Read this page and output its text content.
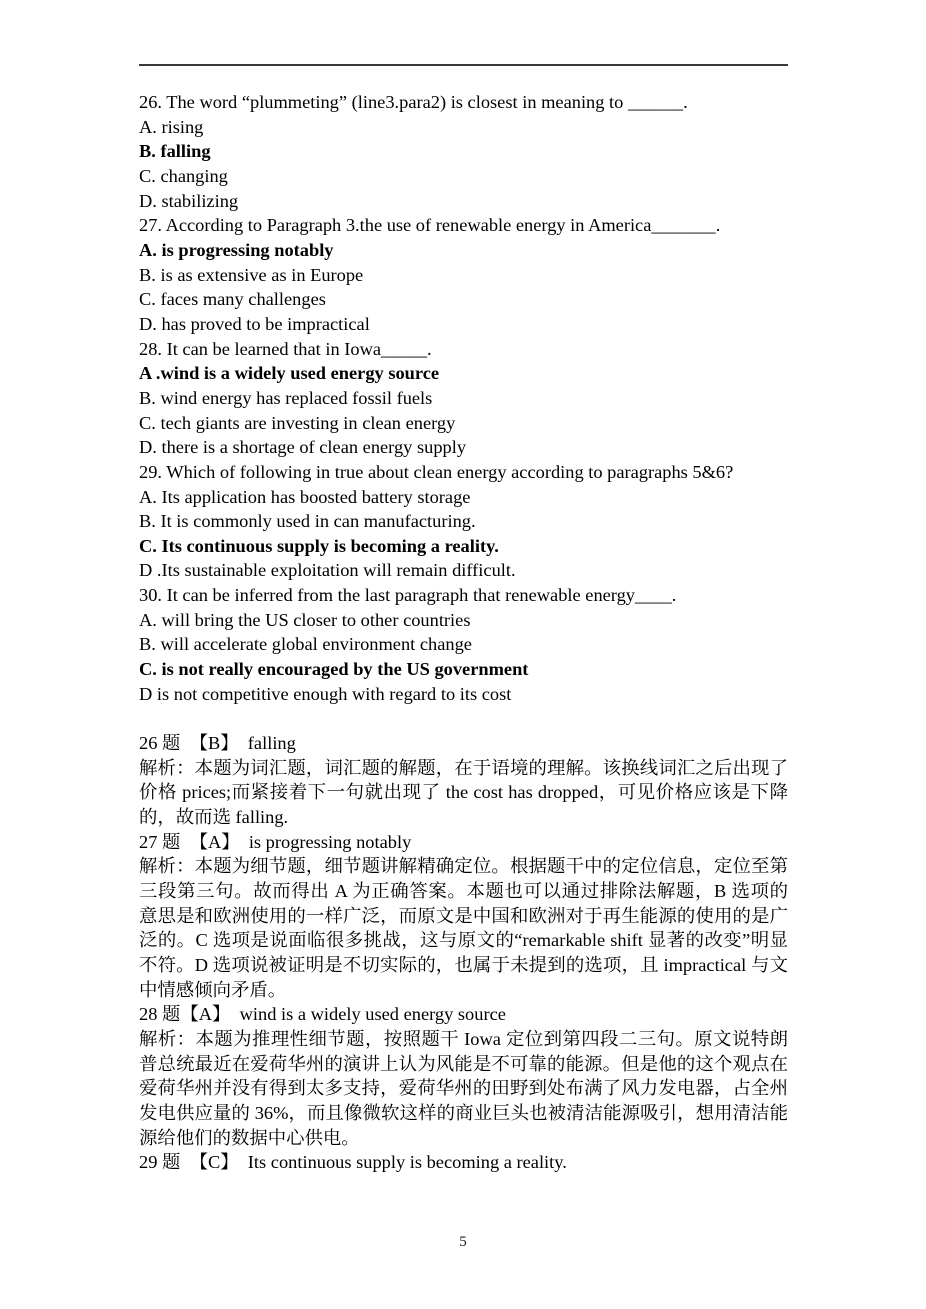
26. The word “plummeting” (line3.para2) is closest in meaning to ______.
A. rising
B. falling
C. changing
D. stabilizing
27. According to Paragraph 3.the use of renewable energy in America_______.
A. is progressing notably
B. is as extensive as in Europe
C. faces many challenges
D. has proved to be impractical
28. It can be learned that in Iowa_____.
A .wind is a widely used energy source
B. wind energy has replaced fossil fuels
C. tech giants are investing in clean energy
D. there is a shortage of clean energy supply
29. Which of following in true about clean energy according to paragraphs 5&6?
A. Its application has boosted battery storage
B. It is commonly used in can manufacturing.
C. Its continuous supply is becoming a reality.
D .Its sustainable exploitation will remain difficult.
30. It can be inferred from the last paragraph that renewable energy____.
A. will bring the US closer to other countries
B. will accelerate global environment change
C. is not really encouraged by the US government
D is not competitive enough with regard to its cost
26 题　【B】　falling
解析：本题为词汇题，词汇题的解题，在于语境的理解。该换线词汇之后出现了
价格 prices;而紧接着下一句就出现了 the cost has dropped，可见价格应该是下降
的，故而选 falling.
27 题　【A】　is progressing notably
解析：本题为细节题，细节题讲解精确定位。根据题干中的定位信息，定位至第
三段第三句。故而得出 A 为正确答案。本题也可以通过排除法解题，B 选项的
意思是和欧洲使用的一样广泛，而原文是中国和欧洲对于再生能源的使用的是广
泛的。C 选项是说面临很多挑战，这与原文的“remarkable shift 显著的改变”明显
不符。D 选项说被证明是不切实际的，也属于未提到的选项，且 impractical 与文
中情感倾向矛盾。
28 题【A】　wind is a widely used energy source
解析：本题为推理性细节题，按照题干 Iowa 定位到第四段二三句。原文说特朗
普总统最近在爱荷华州的演讲上认为风能是不可靠的能源。但是他的这个观点在
爱荷华州并没有得到太多支持，爱荷华州的田野到处布满了风力发电器，占全州
发电供应量的 36%，而且像微软这样的商业巨头也被清洁能源吸引，想用清洁能
源给他们的数据中心供电。
29 题　【C】　Its continuous supply is becoming a reality.
5
